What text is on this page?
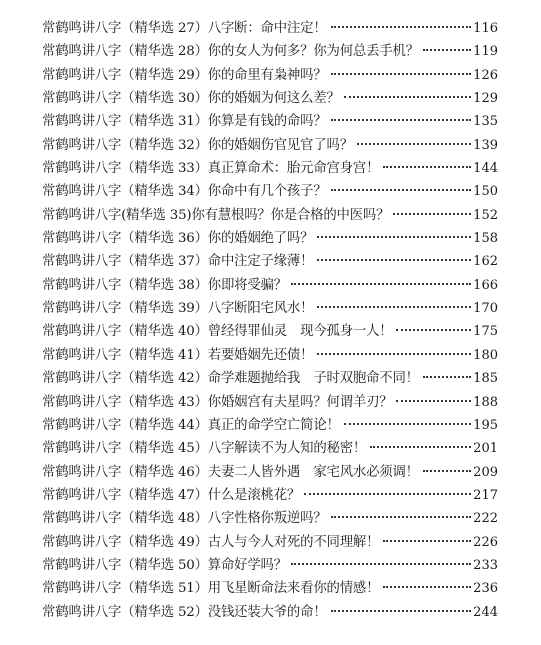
常鹤鸣讲八字（精华选 27）八字断：命中注定！	116
常鹤鸣讲八字（精华选 28）你的女人为何多？你为何总丢手机？	119
常鹤鸣讲八字（精华选 29）你的命里有枭神吗？	126
常鹤鸣讲八字（精华选 30）你的婚姻为何这么差？	129
常鹤鸣讲八字（精华选 31）你算是有钱的命吗？	135
常鹤鸣讲八字（精华选 32）你的婚姻伤官见官了吗？	139
常鹤鸣讲八字（精华选 33）真正算命术：胎元命宫身宫！	144
常鹤鸣讲八字（精华选 34）你命中有几个孩子？	150
常鹤鸣讲八字(精华选 35)你有慧根吗？你是合格的中医吗？	152
常鹤鸣讲八字（精华选 36）你的婚姻绝了吗？	158
常鹤鸣讲八字（精华选 37）命中注定子缘薄！	162
常鹤鸣讲八字（精华选 38）你即将受骗？	166
常鹤鸣讲八字（精华选 39）八字断阳宅风水！	170
常鹤鸣讲八字（精华选 40）曾经得罪仙灵　现今孤身一人！	175
常鹤鸣讲八字（精华选 41）若要婚姻先还债！	180
常鹤鸣讲八字（精华选 42）命学难题抛给我　子时双胞命不同！	185
常鹤鸣讲八字（精华选 43）你婚姻宫有夫星吗？何谓羊刃？	188
常鹤鸣讲八字（精华选 44）真正的命学空亡简论！	195
常鹤鸣讲八字（精华选 45）八字解读不为人知的秘密！	201
常鹤鸣讲八字（精华选 46）夫妻二人皆外遇　家宅风水必须调！	209
常鹤鸣讲八字（精华选 47）什么是滚桃花？	217
常鹤鸣讲八字（精华选 48）八字性格你叛逆吗？	222
常鹤鸣讲八字（精华选 49）古人与今人对死的不同理解！	226
常鹤鸣讲八字（精华选 50）算命好学吗？	233
常鹤鸣讲八字（精华选 51）用飞星断命法来看你的情感！	236
常鹤鸣讲八字（精华选 52）没钱还装大爷的命！	244
